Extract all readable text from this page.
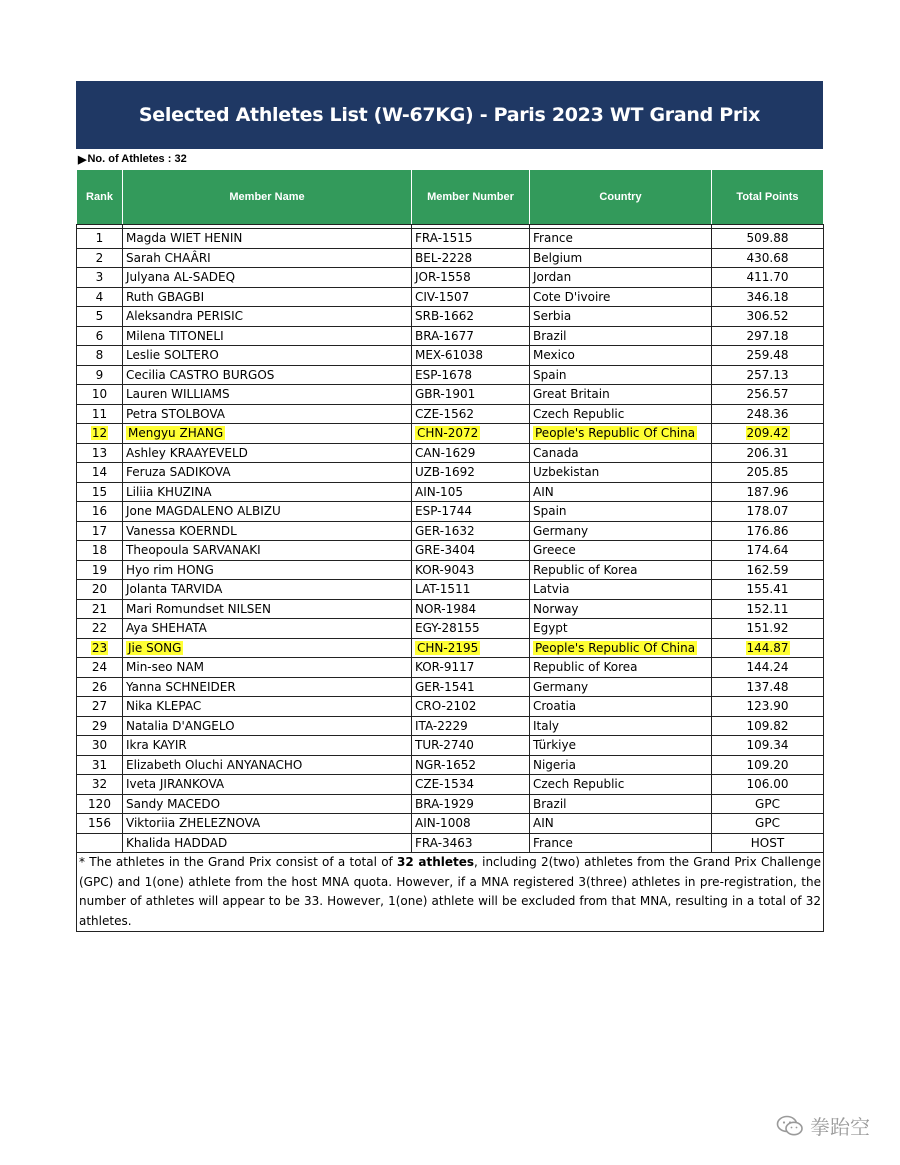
Selected Athletes List (W-67KG) - Paris 2023 WT Grand Prix
▶ No. of Athletes : 32
Rank	Member Name	Member Number	Country	Total Points

1	Magda WIET HENIN	FRA-1515	France	509.88
2	Sarah CHAÂRI	BEL-2228	Belgium	430.68
3	Julyana AL-SADEQ	JOR-1558	Jordan	411.70
4	Ruth GBAGBI	CIV-1507	Cote D'ivoire	346.18
5	Aleksandra PERISIC	SRB-1662	Serbia	306.52
6	Milena TITONELI	BRA-1677	Brazil	297.18
8	Leslie SOLTERO	MEX-61038	Mexico	259.48
9	Cecilia CASTRO BURGOS	ESP-1678	Spain	257.13
10	Lauren WILLIAMS	GBR-1901	Great Britain	256.57
11	Petra STOLBOVA	CZE-1562	Czech Republic	248.36
12	Mengyu ZHANG	CHN-2072	People's Republic Of China	209.42
13	Ashley KRAAYEVELD	CAN-1629	Canada	206.31
14	Feruza SADIKOVA	UZB-1692	Uzbekistan	205.85
15	Liliia KHUZINA	AIN-105	AIN	187.96
16	Jone MAGDALENO ALBIZU	ESP-1744	Spain	178.07
17	Vanessa KOERNDL	GER-1632	Germany	176.86
18	Theopoula SARVANAKI	GRE-3404	Greece	174.64
19	Hyo rim HONG	KOR-9043	Republic of Korea	162.59
20	Jolanta TARVIDA	LAT-1511	Latvia	155.41
21	Mari Romundset NILSEN	NOR-1984	Norway	152.11
22	Aya SHEHATA	EGY-28155	Egypt	151.92
23	Jie SONG	CHN-2195	People's Republic Of China	144.87
24	Min-seo NAM	KOR-9117	Republic of Korea	144.24
26	Yanna SCHNEIDER	GER-1541	Germany	137.48
27	Nika KLEPAC	CRO-2102	Croatia	123.90
29	Natalia D'ANGELO	ITA-2229	Italy	109.82
30	Ikra KAYIR	TUR-2740	Türkiye	109.34
31	Elizabeth Oluchi ANYANACHO	NGR-1652	Nigeria	109.20
32	Iveta JIRANKOVA	CZE-1534	Czech Republic	106.00
120	Sandy MACEDO	BRA-1929	Brazil	GPC
156	Viktoriia ZHELEZNOVA	AIN-1008	AIN	GPC
	Khalida HADDAD	FRA-3463	France	HOST
* The athletes in the Grand Prix consist of a total of 32 athletes, including 2(two) athletes from the Grand Prix Challenge (GPC) and 1(one) athlete from the host MNA quota. However, if a MNA registered 3(three) athletes in pre-registration, the number of athletes will appear to be 33. However, 1(one) athlete will be excluded from that MNA, resulting in a total of 32 athletes.				
拳跆空
